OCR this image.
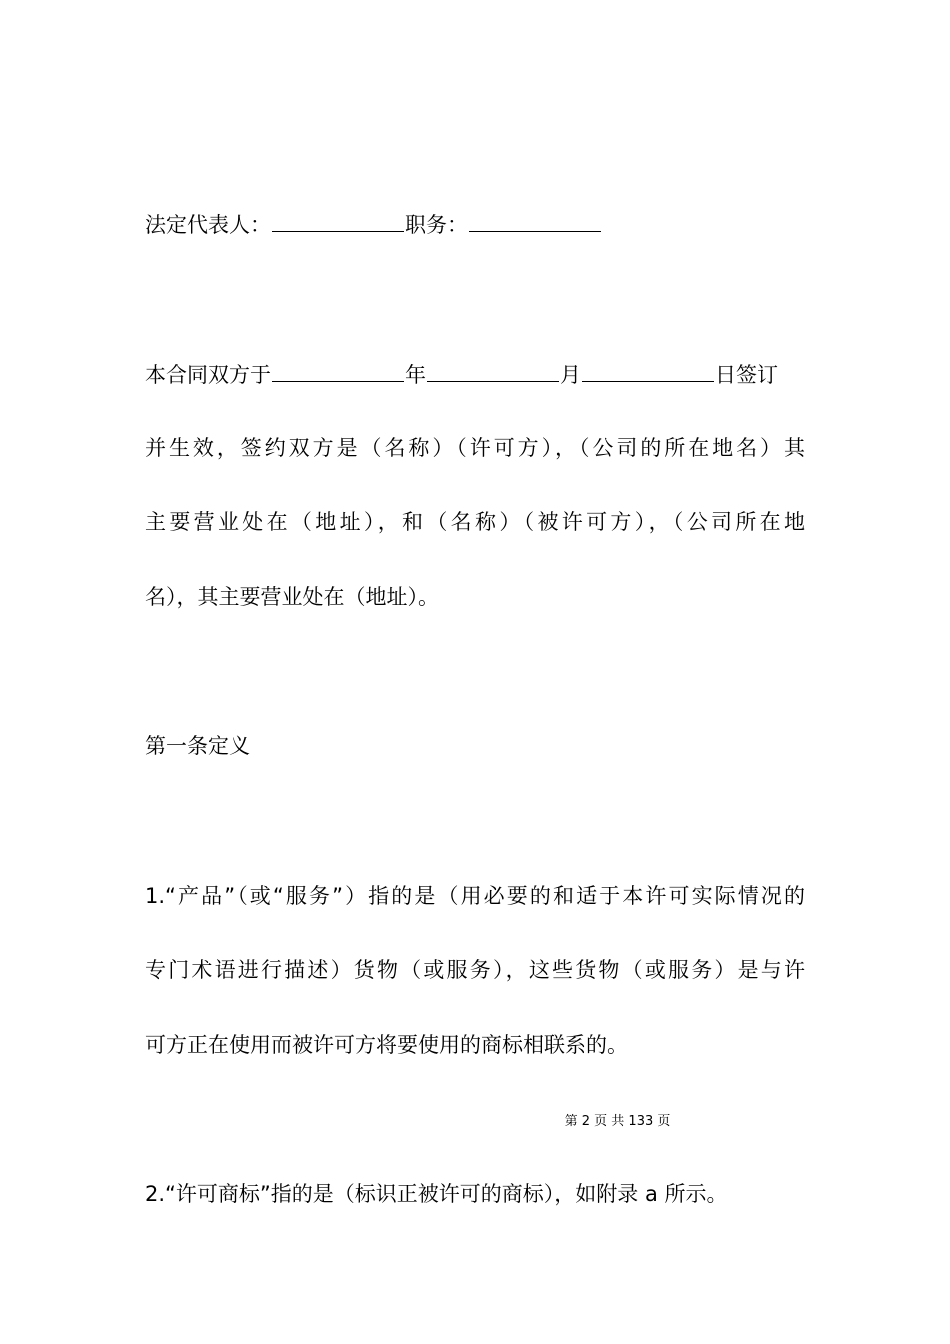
法定代表人：	职务：
本合同双方于	年	月	日签订
并生效，签约双方是（名称）（许可方），（公司的所在地名）其
主要营业处在（地址），和（名称）（被许可方），（公司所在地
名），其主要营业处在（地址）。
第一条定义
1.“产品”（或“服务”）指的是（用必要的和适于本许可实际情况的
专门术语进行描述）货物（或服务），这些货物（或服务）是与许
可方正在使用而被许可方将要使用的商标相联系的。
第 2 页 共 133 页
2.“许可商标”指的是（标识正被许可的商标），如附录 a 所示。
